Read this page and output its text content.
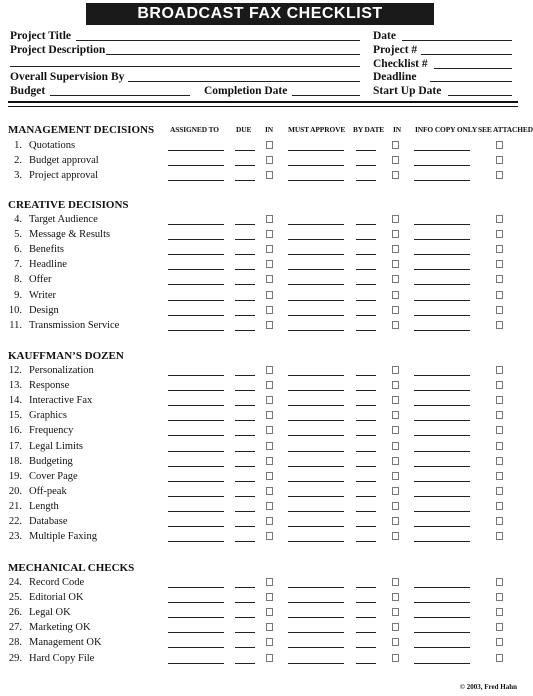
BROADCAST FAX CHECKLIST
Project Title
Project Description
Overall Supervision By
Budget	Completion Date
Date
Project #
Checklist #
Deadline
Start Up Date
ASSIGNED TO DUE IN MUST APPROVE BY DATE IN INFO COPY ONLY SEE ATTACHED
MANAGEMENT DECISIONS
1. Quotations
2. Budget approval
3. Project approval
CREATIVE DECISIONS
4. Target Audience
5. Message & Results
6. Benefits
7. Headline
8. Offer
9. Writer
10. Design
11. Transmission Service
KAUFFMAN’S DOZEN
12. Personalization
13. Response
14. Interactive Fax
15. Graphics
16. Frequency
17. Legal Limits
18. Budgeting
19. Cover Page
20. Off-peak
21. Length
22. Database
23. Multiple Faxing
MECHANICAL CHECKS
24. Record Code
25. Editorial OK
26. Legal OK
27. Marketing OK
28. Management OK
29. Hard Copy File
© 2003, Fred Hahn
